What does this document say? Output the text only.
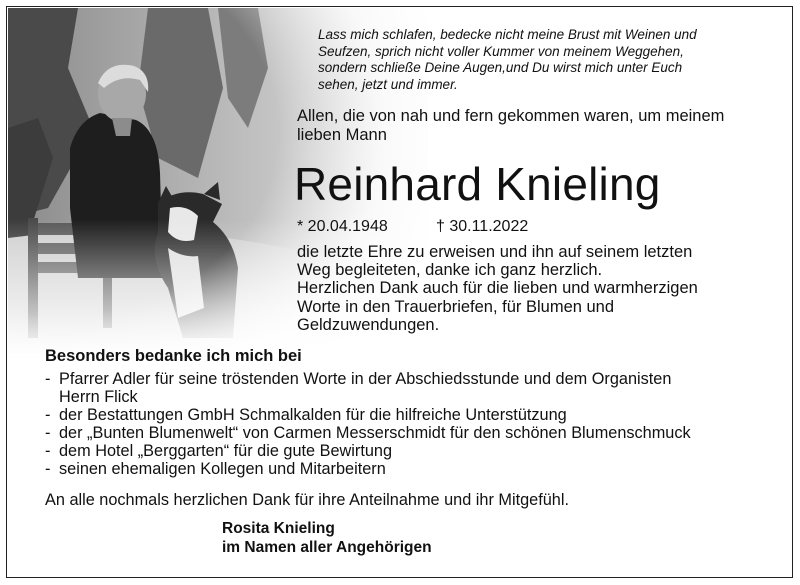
Lass mich schlafen, bedecke nicht meine Brust mit Weinen und
Seufzen, sprich nicht voller Kummer von meinem Weggehen,
sondern schließe Deine Augen,und Du wirst mich unter Euch
sehen, jetzt und immer.

Allen, die von nah und fern gekommen waren, um meinem
lieben Mann

Reinhard Knieling
* 20.04.1948	† 30.11.2022

die letzte Ehre zu erweisen und ihn auf seinem letzten
Weg begleiteten, danke ich ganz herzlich.
Herzlichen Dank auch für die lieben und warmherzigen
Worte in den Trauerbriefen, für Blumen und
Geldzuwendungen.

Besonders bedanke ich mich bei

- Pfarrer Adler für seine tröstenden Worte in der Abschiedsstunde und dem Organisten
Herrn Flick
- der Bestattungen GmbH Schmalkalden für die hilfreiche Unterstützung
- der „Bunten Blumenwelt“ von Carmen Messerschmidt für den schönen Blumenschmuck
- dem Hotel „Berggarten“ für die gute Bewirtung
- seinen ehemaligen Kollegen und Mitarbeitern

An alle nochmals herzlichen Dank für ihre Anteilnahme und ihr Mitgefühl.

Rosita Knieling
im Namen aller Angehörigen
